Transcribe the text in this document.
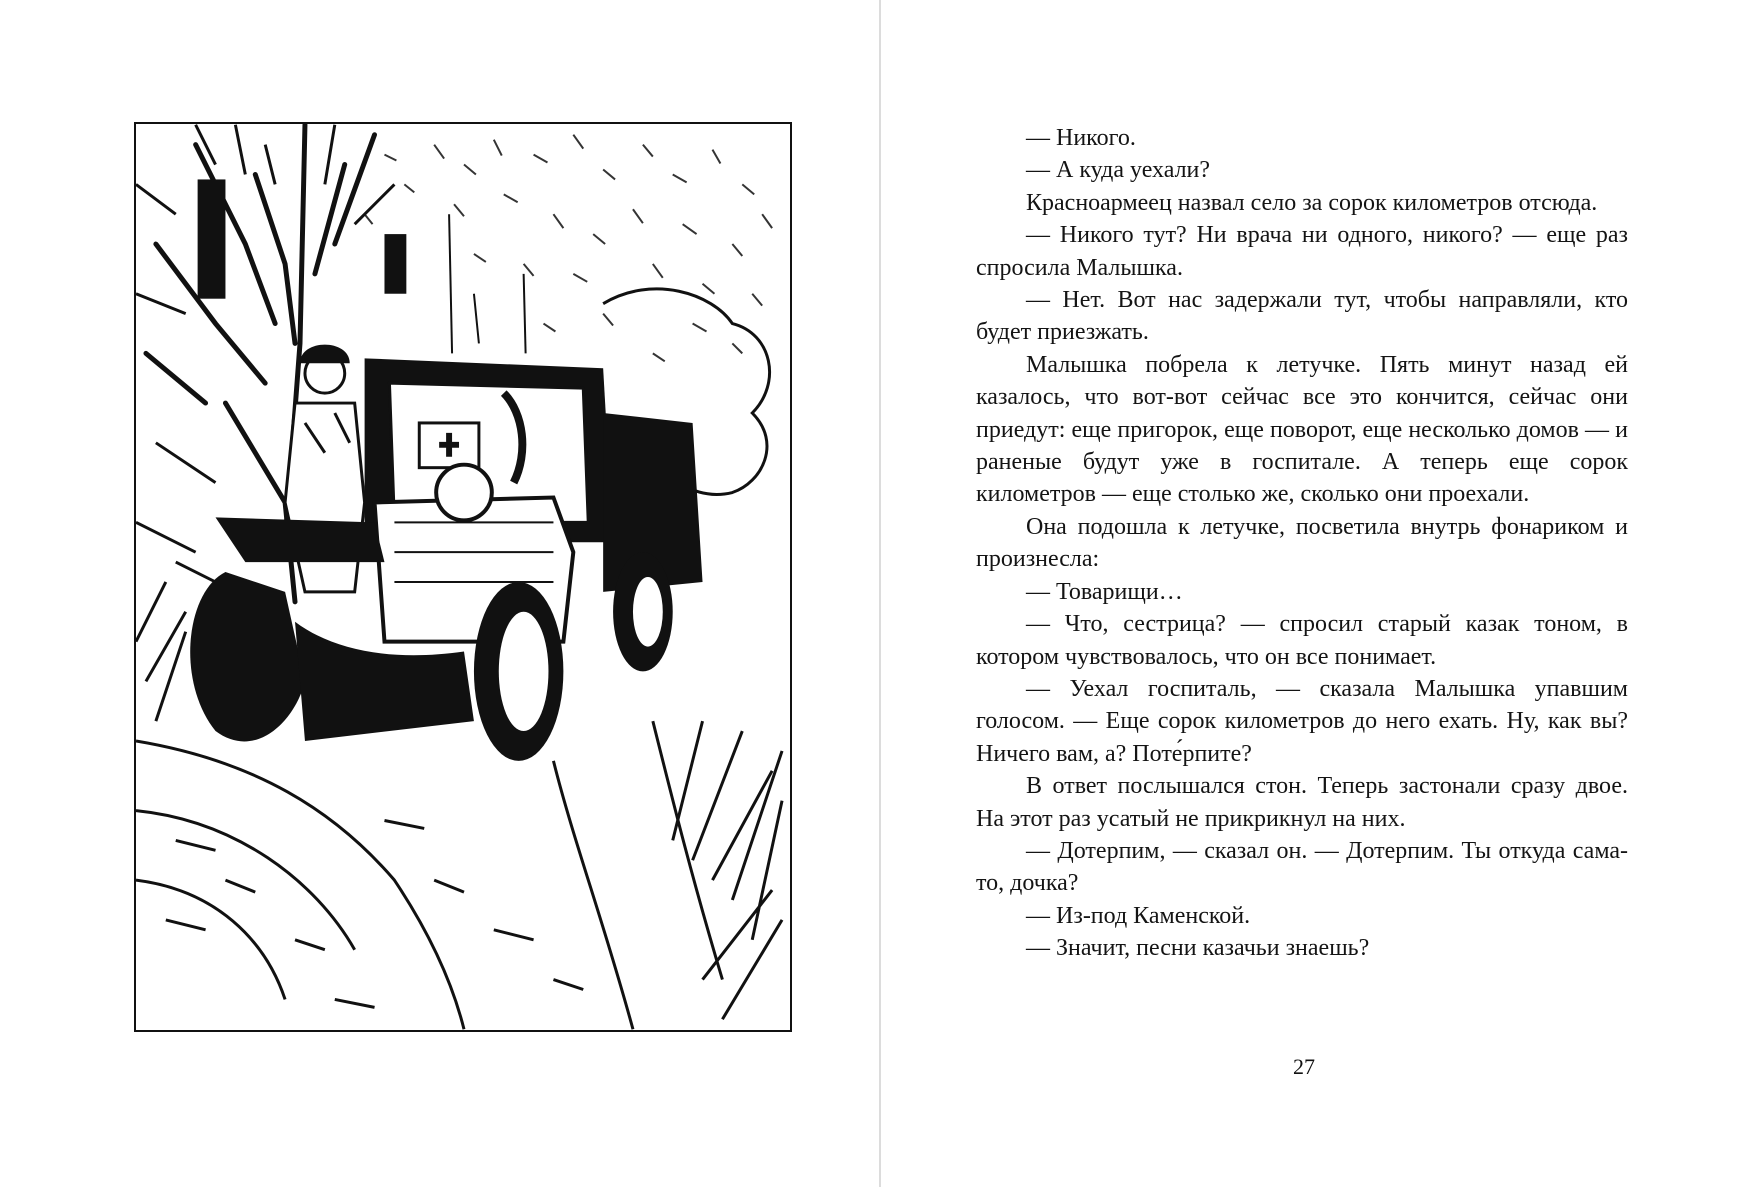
— Никого.

— А куда уехали?

Красноармеец назвал село за сорок километров отсюда.

— Никого тут? Ни врача ни одного, никого? — еще раз спросила Малышка.

— Нет. Вот нас задержали тут, чтобы направляли, кто будет приезжать.

Малышка побрела к летучке. Пять минут назад ей казалось, что вот-вот сейчас все это кончится, сейчас они приедут: еще пригорок, еще поворот, еще несколько домов — и раненые будут уже в госпитале. А теперь еще сорок километров — еще столько же, сколько они проехали.

Она подошла к летучке, посветила внутрь фонариком и произнесла:

— Товарищи…

— Что, сестрица? — спросил старый казак тоном, в котором чувствовалось, что он все понимает.

— Уехал госпиталь, — сказала Малышка упавшим голосом. — Еще сорок километров до него ехать. Ну, как вы? Ничего вам, а? Поте́рпите?

В ответ послышался стон. Теперь застонали сразу двое. На этот раз усатый не прикрикнул на них.

— Дотерпим, — сказал он. — Дотерпим. Ты откуда сама-то, дочка?

— Из-под Каменской.

— Значит, песни казачьи знаешь?

27
